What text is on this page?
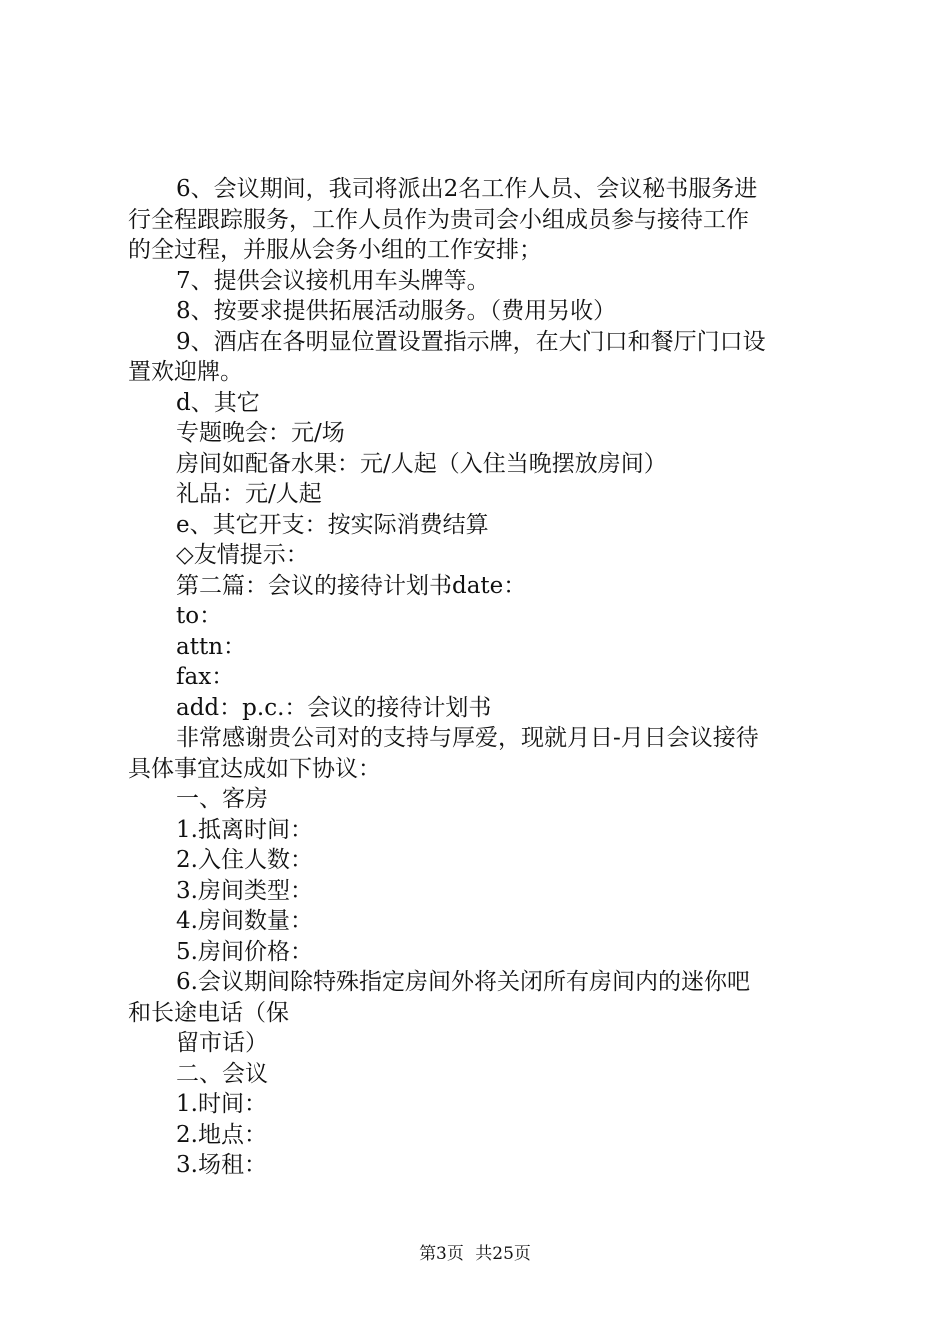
6、会议期间，我司将派出2名工作人员、会议秘书服务进
行全程跟踪服务，工作人员作为贵司会小组成员参与接待工作
的全过程，并服从会务小组的工作安排；
7、提供会议接机用车头牌等。
8、按要求提供拓展活动服务。（费用另收）
9、酒店在各明显位置设置指示牌，在大门口和餐厅门口设
置欢迎牌。
d、其它
专题晚会：元/场
房间如配备水果：元/人起（入住当晚摆放房间）
礼品：元/人起
e、其它开支：按实际消费结算
◇友情提示：
第二篇：会议的接待计划书date：
to：
attn：
fax：
add：p.c.：会议的接待计划书
非常感谢贵公司对的支持与厚爱，现就月日-月日会议接待
具体事宜达成如下协议：
一、客房
1.抵离时间：
2.入住人数：
3.房间类型：
4.房间数量：
5.房间价格：
6.会议期间除特殊指定房间外将关闭所有房间内的迷你吧
和长途电话（保
留市话）
二、会议
1.时间：
2.地点：
3.场租：
第3页 共25页
